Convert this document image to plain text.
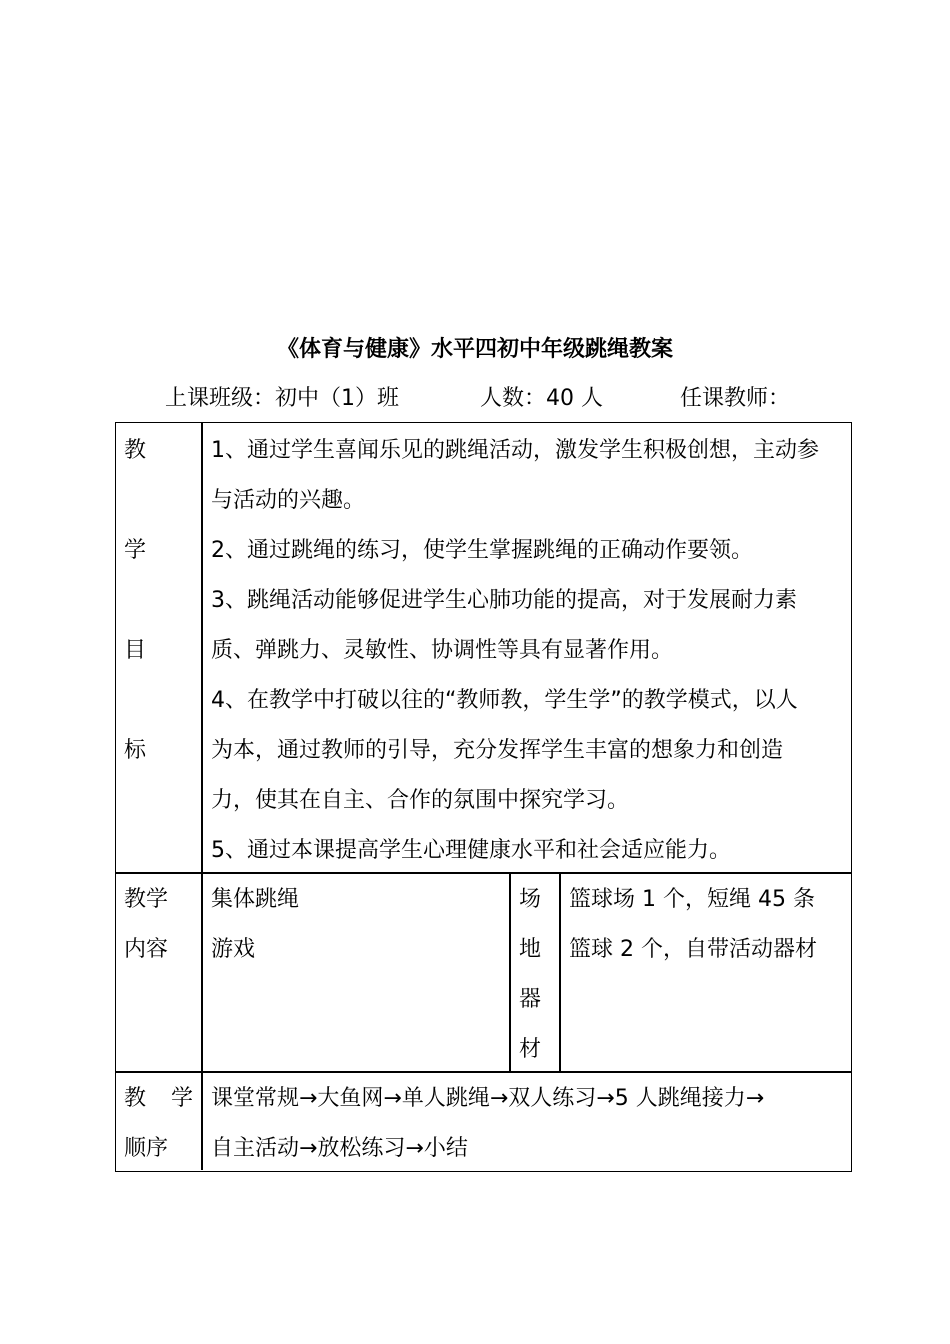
《体育与健康》水平四初中年级跳绳教案
上课班级：初中（1）班	人数：40 人	任课教师：
教
学
目
标
1、通过学生喜闻乐见的跳绳活动，激发学生积极创想，主动参
与活动的兴趣。
2、通过跳绳的练习，使学生掌握跳绳的正确动作要领。
3、跳绳活动能够促进学生心肺功能的提高，对于发展耐力素
质、弹跳力、灵敏性、协调性等具有显著作用。
4、在教学中打破以往的“教师教，学生学”的教学模式，以人
为本，通过教师的引导，充分发挥学生丰富的想象力和创造
力，使其在自主、合作的氛围中探究学习。
5、通过本课提高学生心理健康水平和社会适应能力。
教学
内容
集体跳绳
游戏
场
地
器
材
篮球场 1 个，短绳 45 条
篮球 2 个，自带活动器材
教 学
顺序
课堂常规→大鱼网→单人跳绳→双人练习→5 人跳绳接力→
自主活动→放松练习→小结
